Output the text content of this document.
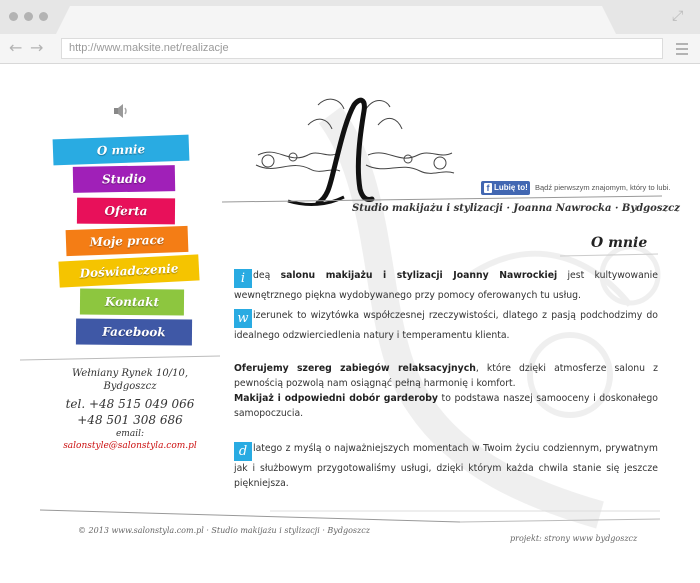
⤢
← →	http://www.maksite.net/realizacje
O mnie
Studio
Oferta
Moje prace
Doświadczenie
Kontakt
Facebook
Wełniany Rynek 10/10,
Bydgoszcz
tel. +48 515 049 066
+48 501 308 686
email:
salonstyle@salonstyla.com.pl
f Lubię to! Bądź pierwszym znajomym, który to lubi.
Studio makijażu i stylizacji · Joanna Nawrocka · Bydgoszcz
O mnie
i deą salonu makijażu i stylizacji Joanny Nawrockiej jest kultywowanie wewnętrznego piękna wydobywanego przy pomocy oferowanych tu usług.
w izerunek to wizytówka współczesnej rzeczywistości, dlatego z pasją podchodzimy do idealnego odzwierciedlenia natury i temperamentu klienta.
Oferujemy szereg zabiegów relaksacyjnych, które dzięki atmosferze salonu z pewnością pozwolą nam osiągnąć pełną harmonię i komfort.
Makijaż i odpowiedni dobór garderoby to podstawa naszej samooceny i doskonałego samopoczucia.
d latego z myślą o najważniejszych momentach w Twoim życiu codziennym, prywatnym jak i służbowym przygotowaliśmy usługi, dzięki którym każda chwila stanie się jeszcze piękniejsza.
© 2013 www.salonstyla.com.pl · Studio makijażu i stylizacji · Bydgoszcz
projekt: strony www bydgoszcz
